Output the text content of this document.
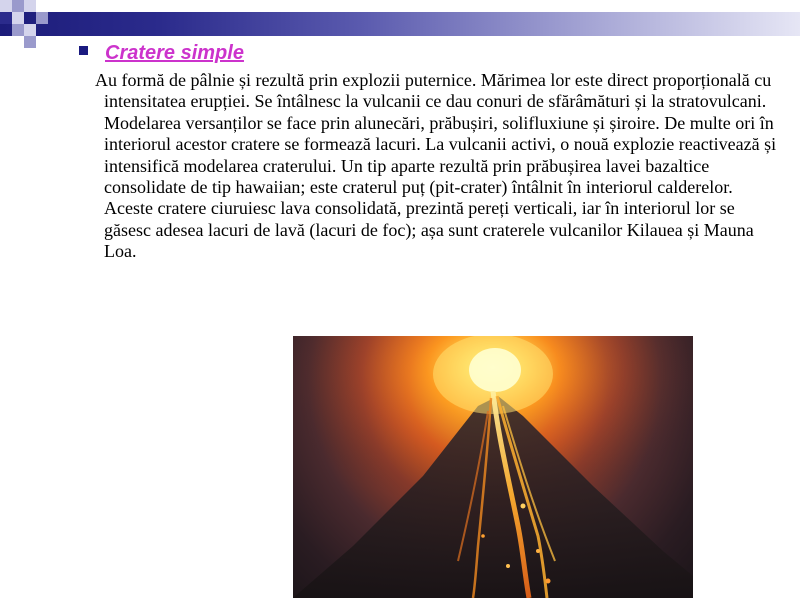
Cratere simple
Au formă de pâlnie și rezultă prin explozii puternice. Mărimea lor este direct proporțională cu intensitatea erupției. Se întâlnesc la vulcanii ce dau conuri de sfărâmături și la stratovulcani. Modelarea versanților se face prin alunecări, prăbușiri, solifluxiune și șiroire. De multe ori în interiorul acestor cratere se formează lacuri. La vulcanii activi, o nouă explozie reactivează și intensifică modelarea craterului. Un tip aparte rezultă prin prăbușirea lavei bazaltice consolidate de tip hawaiian; este craterul puț (pit-crater) întâlnit în interiorul calderelor. Aceste cratere ciuruiesc lava consolidată, prezintă pereți verticali, iar în interiorul lor se găsesc adesea lacuri de lavă (lacuri de foc); așa sunt craterele vulcanilor Kilauea și Mauna Loa.
